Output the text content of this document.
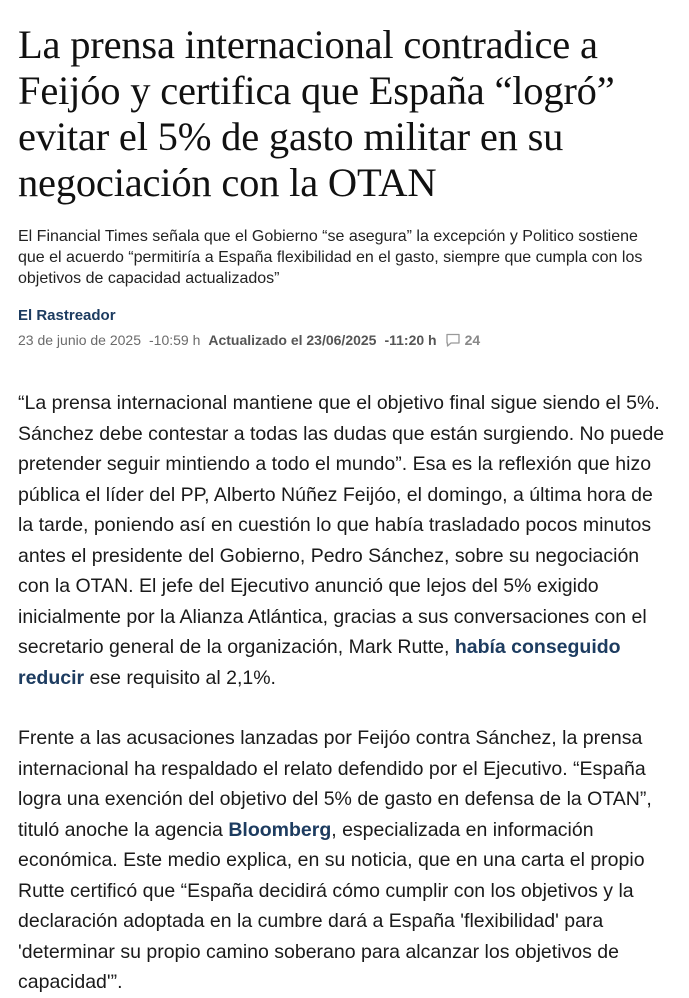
La prensa internacional contradice a Feijóo y certifica que España “logró” evitar el 5% de gasto militar en su negociación con la OTAN

El Financial Times señala que el Gobierno “se asegura” la excepción y Politico sostiene que el acuerdo “permitiría a España flexibilidad en el gasto, siempre que cumpla con los objetivos de capacidad actualizados”

El Rastreador
23 de junio de 2025 -10:59 h Actualizado el 23/06/2025 -11:20 h 24

“La prensa internacional mantiene que el objetivo final sigue siendo el 5%. Sánchez debe contestar a todas las dudas que están surgiendo. No puede pretender seguir mintiendo a todo el mundo”. Esa es la reflexión que hizo pública el líder del PP, Alberto Núñez Feijóo, el domingo, a última hora de la tarde, poniendo así en cuestión lo que había trasladado pocos minutos antes el presidente del Gobierno, Pedro Sánchez, sobre su negociación con la OTAN. El jefe del Ejecutivo anunció que lejos del 5% exigido inicialmente por la Alianza Atlántica, gracias a sus conversaciones con el secretario general de la organización, Mark Rutte, había conseguido reducir ese requisito al 2,1%.

Frente a las acusaciones lanzadas por Feijóo contra Sánchez, la prensa internacional ha respaldado el relato defendido por el Ejecutivo. “España logra una exención del objetivo del 5% de gasto en defensa de la OTAN”, tituló anoche la agencia Bloomberg, especializada en información económica. Este medio explica, en su noticia, que en una carta el propio Rutte certificó que “España decidirá cómo cumplir con los objetivos y la declaración adoptada en la cumbre dará a España 'flexibilidad' para 'determinar su propio camino soberano para alcanzar los objetivos de capacidad'”.
